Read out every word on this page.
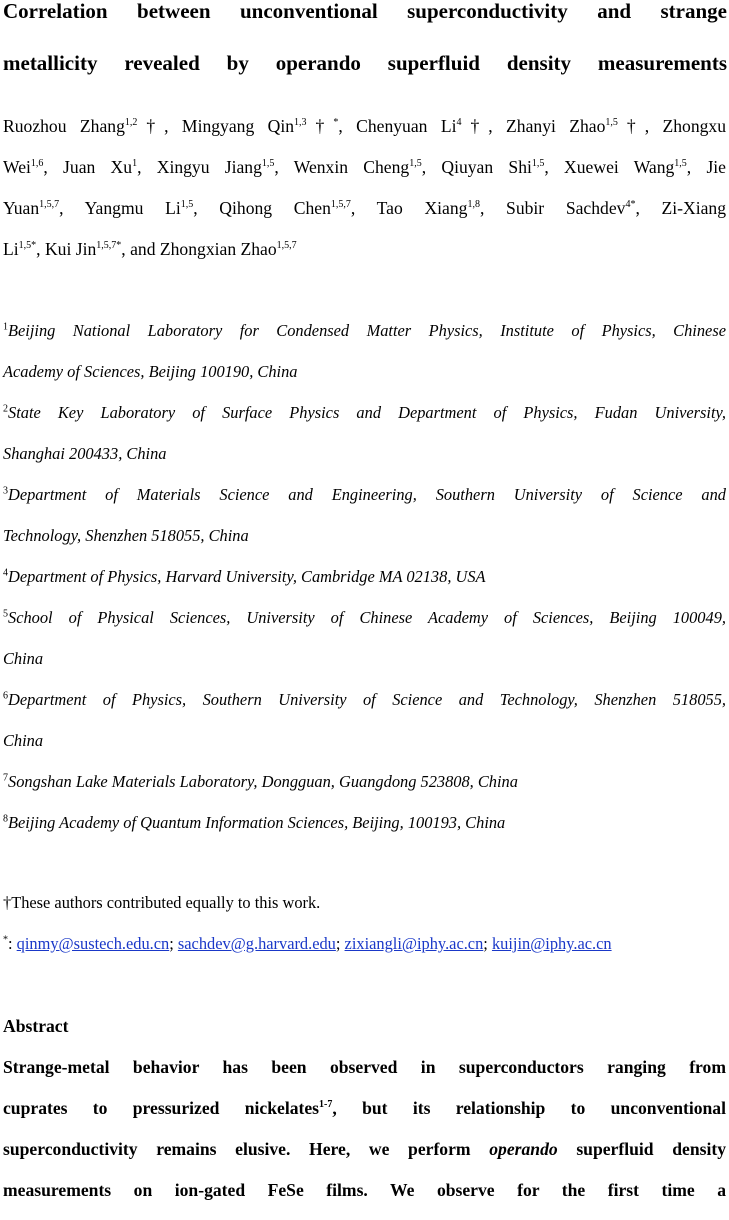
Correlation between unconventional superconductivity and strange
metallicity revealed by operando superfluid density measurements
Ruozhou Zhang$^{1,2}$†, Mingyang Qin$^{1,3}$†*, Chenyuan Li$^4$†, Zhanyi Zhao$^{1,5}$†, Zhongxu
Wei$^{1,6}$, Juan Xu$^1$, Xingyu Jiang$^{1,5}$, Wenxin Cheng$^{1,5}$, Qiuyan Shi$^{1,5}$, Xuewei Wang$^{1,5}$, Jie
Yuan$^{1,5,7}$, Yangmu Li$^{1,5}$, Qihong Chen$^{1,5,7}$, Tao Xiang$^{1,8}$, Subir Sachdev$^{4*}$, Zi-Xiang
$Li^{1,5*}$, Kui Jin$^{1,5,7*}$, and Zhongxian Zhao$^{1,5,7}$
$^1$Beijing National Laboratory for Condensed Matter Physics, Institute of Physics, Chinese
Academy of Sciences, Beijing 100190, China
$^2$State Key Laboratory of Surface Physics and Department of Physics, Fudan University,
Shanghai 200433, China
$^3$Department of Materials Science and Engineering, Southern University of Science and
Technology, Shenzhen 518055, China
$^4$Department of Physics, Harvard University, Cambridge MA 02138, USA
$^5$School of Physical Sciences, University of Chinese Academy of Sciences, Beijing 100049,
China
$^6$Department of Physics, Southern University of Science and Technology, Shenzhen 518055,
China
$^7$Songshan Lake Materials Laboratory, Dongguan, Guangdong 523808, China
$^8$Beijing Academy of Quantum Information Sciences, Beijing, 100193, China
†These authors contributed equally to this work.
*: qinmy@sustech.edu.cn; sachdev@g.harvard.edu; zixiangli@iphy.ac.cn; kuijin@iphy.ac.cn
Abstract
Strange-metal behavior has been observed in superconductors ranging from
cuprates to pressurized nickelates$^{1-7}$, but its relationship to unconventional
superconductivity remains elusive. Here, we perform operando superfluid density
measurements on ion-gated FeSe films. We observe for the first time a
